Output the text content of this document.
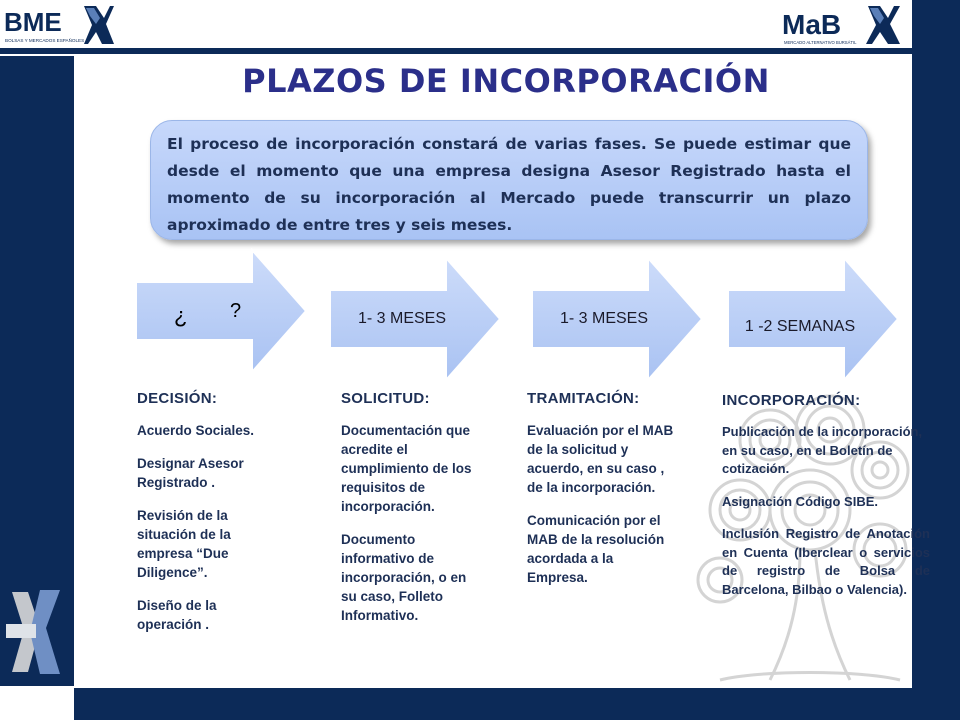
BME
BOLSAS Y MERCADOS ESPAÑOLES
MaB
MERCADO ALTERNATIVO BURSÁTIL
PLAZOS DE INCORPORACIÓN
El proceso de incorporación constará de varias fases. Se puede estimar que desde el momento que una empresa designa Asesor Registrado hasta el momento de su incorporación al Mercado puede transcurrir un plazo aproximado de entre tres y seis meses.
¿ ?	1- 3 MESES	1- 3 MESES	1 -2 SEMANAS
DECISIÓN:
Acuerdo Sociales.
Designar Asesor Registrado .
Revisión de la situación de la empresa “Due Diligence”.
Diseño de la operación .
SOLICITUD:
Documentación que acredite el cumplimiento de los requisitos de incorporación.
Documento informativo de incorporación, o en su caso, Folleto Informativo.
TRAMITACIÓN:
Evaluación por el MAB de la solicitud y acuerdo, en su caso , de la incorporación.
Comunicación por el MAB de la resolución acordada a la Empresa.
INCORPORACIÓN:
Publicación de la incorporación, en su caso, en el Boletín de cotización.
Asignación Código SIBE.
Inclusión Registro de Anotación en Cuenta (Iberclear o servicios de registro de Bolsa de Barcelona, Bilbao o Valencia).
